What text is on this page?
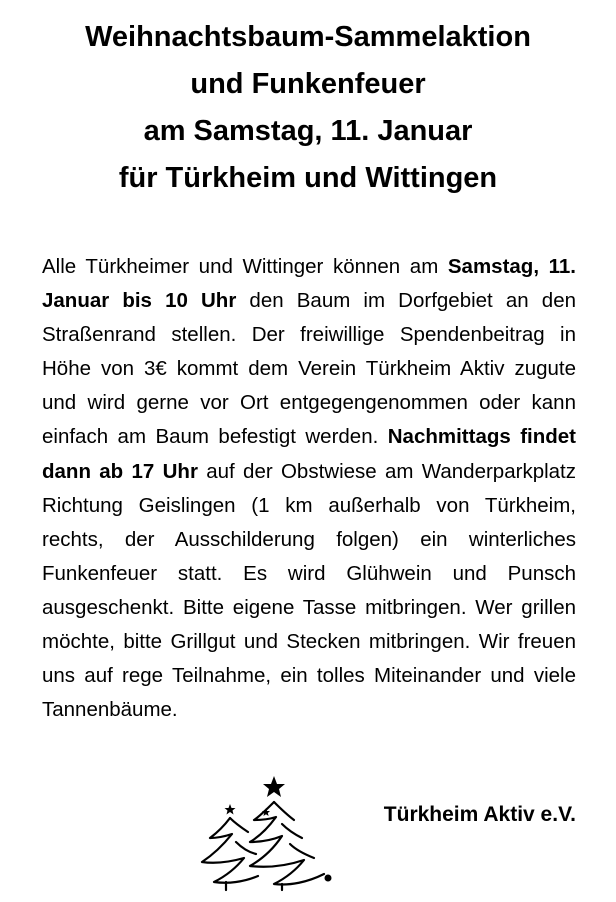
Weihnachtsbaum-Sammelaktion
und Funkenfeuer
am Samstag, 11. Januar
für Türkheim und Wittingen

Alle Türkheimer und Wittinger können am Samstag, 11. Januar bis 10 Uhr den Baum im Dorfgebiet an den Straßenrand stellen. Der freiwillige Spendenbeitrag in Höhe von 3€ kommt dem Verein Türkheim Aktiv zugute und wird gerne vor Ort entgegengenommen oder kann einfach am Baum befestigt werden. Nachmittags findet dann ab 17 Uhr auf der Obstwiese am Wanderparkplatz Richtung Geislingen (1 km außerhalb von Türkheim, rechts, der Ausschilderung folgen) ein winterliches Funkenfeuer statt. Es wird Glühwein und Punsch ausgeschenkt. Bitte eigene Tasse mitbringen. Wer grillen möchte, bitte Grillgut und Stecken mitbringen. Wir freuen uns auf rege Teilnahme, ein tolles Miteinander und viele Tannenbäume.

Türkheim Aktiv e.V.
